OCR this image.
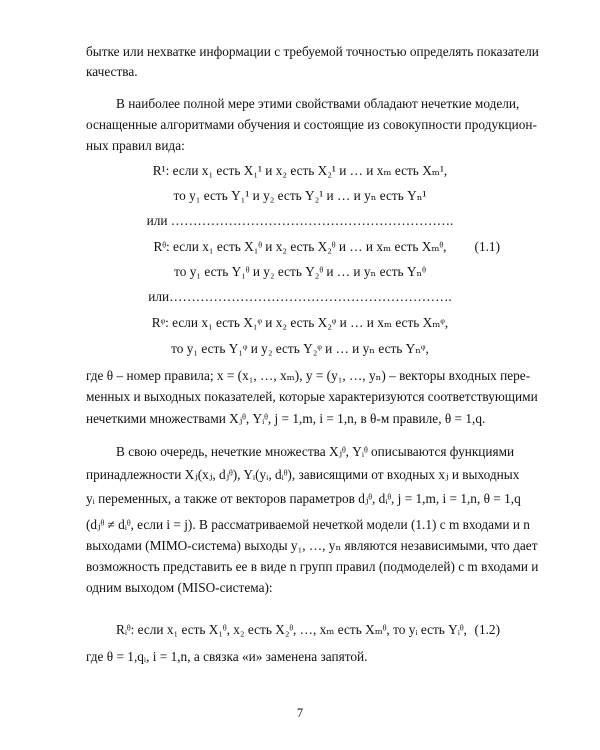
бытке или нехватке информации с требуемой точностью определять показатели
качества.
В наиболее полной мере этими свойствами обладают нечеткие модели,
оснащенные алгоритмами обучения и состоящие из совокупности продукцион-
ных правил вида:
R¹: если x₁ есть X₁¹ и x₂ есть X₂¹ и … и xₘ есть Xₘ¹,
то y₁ есть Y₁¹ и y₂ есть Y₂¹ и … и yₙ есть Yₙ¹
или ……………………………………………………….
Rᶿ: если x₁ есть X₁ᶿ и x₂ есть X₂ᶿ и … и xₘ есть Xₘᶿ,	(1.1)
то y₁ есть Y₁ᶿ и y₂ есть Y₂ᶿ и … и yₙ есть Yₙᶿ
или……………………………………………………….
Rᵠ: если x₁ есть X₁ᵠ и x₂ есть X₂ᵠ и … и xₘ есть Xₘᵠ,
то y₁ есть Y₁ᵠ и y₂ есть Y₂ᵠ и … и yₙ есть Yₙᵠ,
где θ – номер правила; x = (x₁, …, xₘ), y = (y₁, …, yₙ) – векторы входных пере-
менных и выходных показателей, которые характеризуются соответствующими
нечеткими множествами Xⱼᶿ, Yᵢᶿ, j = 1,m, i = 1,n, в θ-м правиле, θ = 1,q.
В свою очередь, нечеткие множества Xⱼᶿ, Yᵢᶿ описываются функциями
принадлежности Xⱼ(xⱼ, dⱼᶿ), Yᵢ(yᵢ, dᵢᶿ), зависящими от входных xⱼ и выходных
yᵢ переменных, а также от векторов параметров dⱼᶿ, dᵢᶿ, j = 1,m, i = 1,n, θ = 1,q
(dⱼᶿ ≠ dᵢᶿ, если i = j). В рассматриваемой нечеткой модели (1.1) с m входами и n
выходами (MIMO-система) выходы y₁, …, yₙ являются независимыми, что дает
возможность представить ее в виде n групп правил (подмоделей) с m входами и
одним выходом (MISO-система):
Rᵢᶿ: если x₁ есть X₁ᶿ, x₂ есть X₂ᶿ, …, xₘ есть Xₘᶿ, то yᵢ есть Yᵢᶿ, (1.2)
где θ = 1,qᵢ, i = 1,n, а связка «и» заменена запятой.
7
